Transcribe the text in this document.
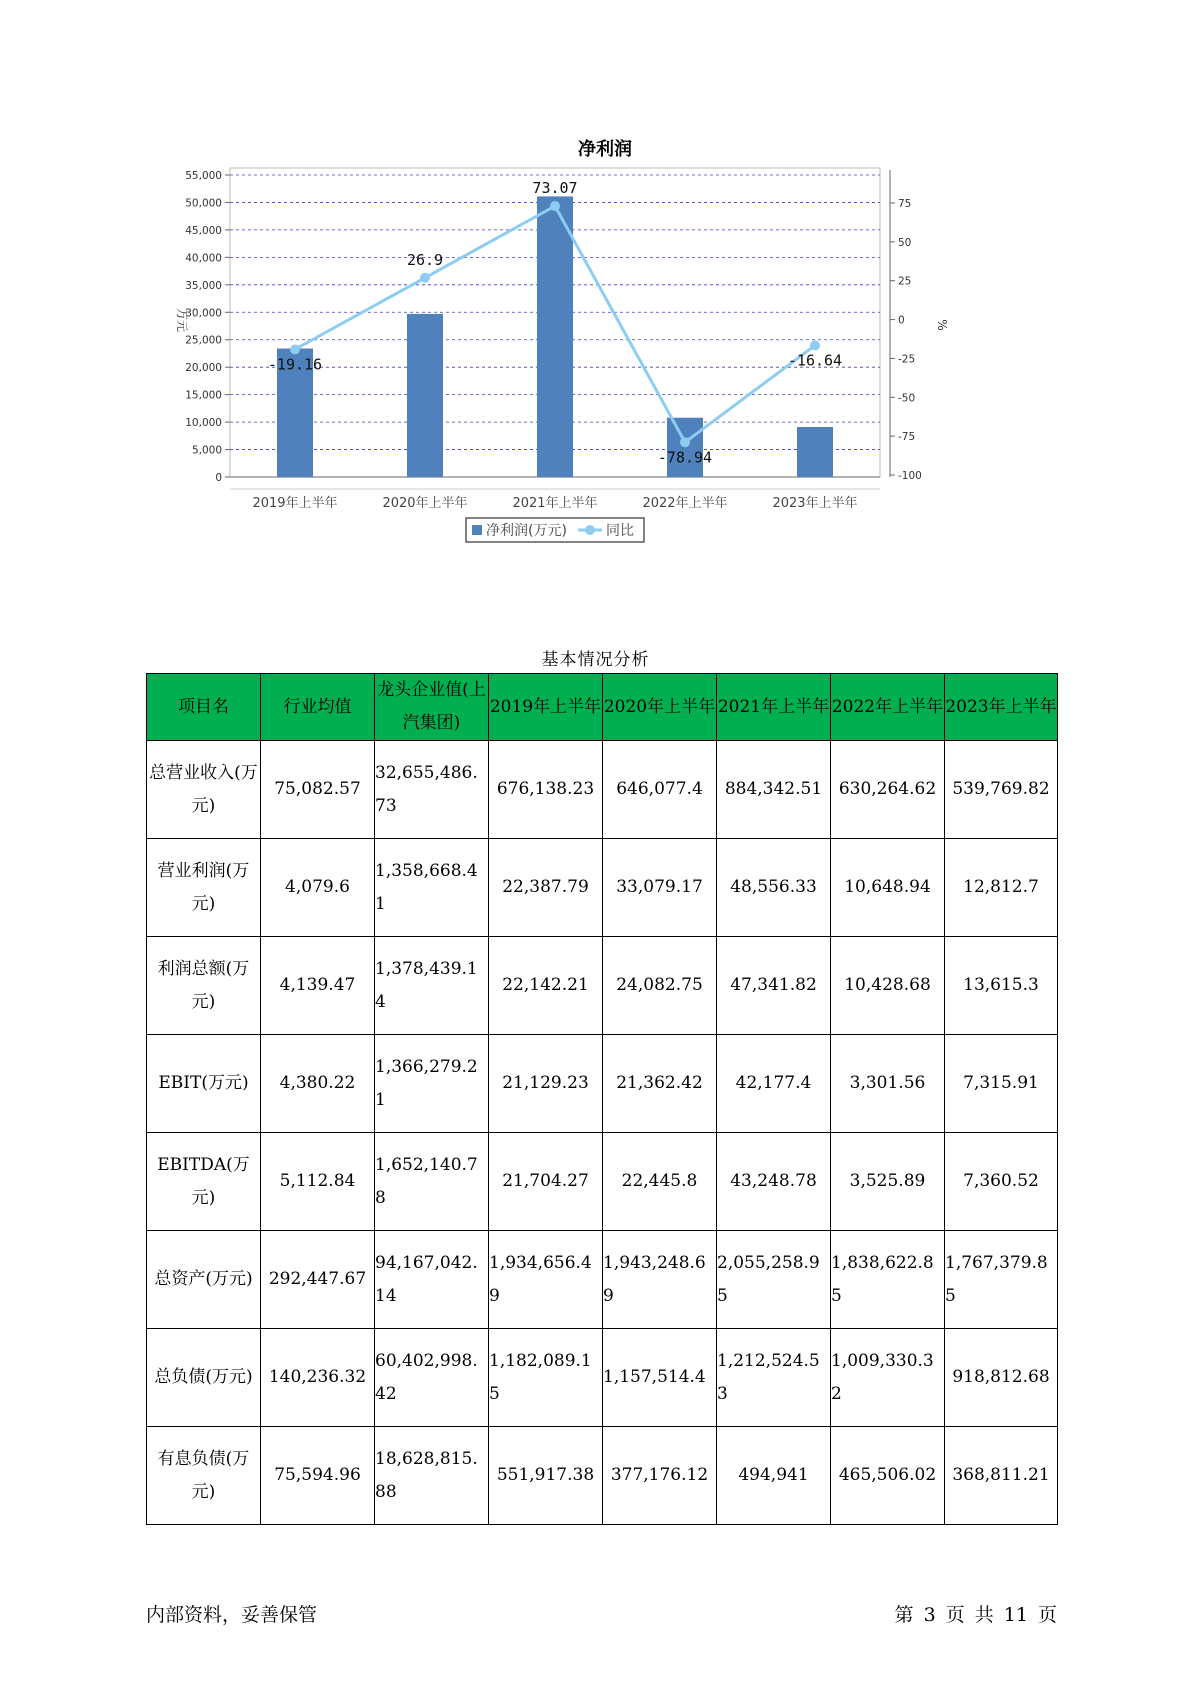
净利润
0
5,000
10,000
15,000
20,000
25,000
30,000
35,000
40,000
45,000
50,000
55,000
-100
-75
-50
-25
0
25
50
75
万元	%
2019年上半年	2020年上半年	2021年上半年	2022年上半年	2023年上半年
-19.16
26.9
73.07
-78.94
-16.64
净利润(万元)	同比
基本情况分析
项目名	行业均值	龙头企业值(上汽集团)	2019年上半年	2020年上半年	2021年上半年	2022年上半年	2023年上半年
总营业收入(万元)	75,082.57	32,655,486.73	676,138.23	646,077.4	884,342.51	630,264.62	539,769.82
营业利润(万元)	4,079.6	1,358,668.41	22,387.79	33,079.17	48,556.33	10,648.94	12,812.7
利润总额(万元)	4,139.47	1,378,439.14	22,142.21	24,082.75	47,341.82	10,428.68	13,615.3
EBIT(万元)	4,380.22	1,366,279.21	21,129.23	21,362.42	42,177.4	3,301.56	7,315.91
EBITDA(万元)	5,112.84	1,652,140.78	21,704.27	22,445.8	43,248.78	3,525.89	7,360.52
总资产(万元)	292,447.67	94,167,042.14	1,934,656.49	1,943,248.69	2,055,258.95	1,838,622.85	1,767,379.85
总负债(万元)	140,236.32	60,402,998.42	1,182,089.15	1,157,514.4	1,212,524.53	1,009,330.32	918,812.68
有息负债(万元)	75,594.96	18,628,815.88	551,917.38	377,176.12	494,941	465,506.02	368,811.21
内部资料，妥善保管	第 3 页 共 11 页
